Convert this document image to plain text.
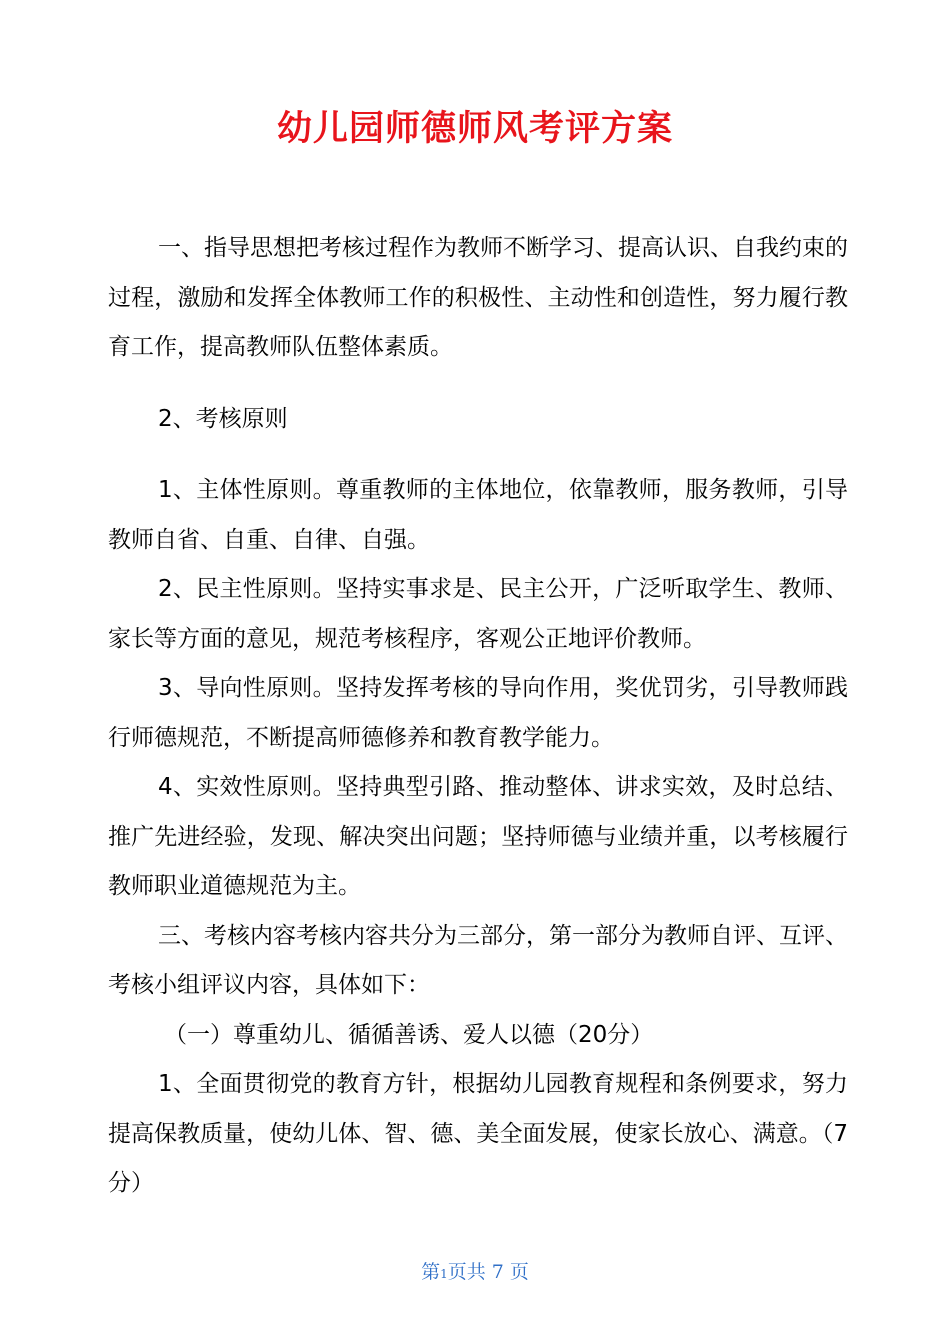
幼儿园师德师风考评方案

一、指导思想把考核过程作为教师不断学习、提高认识、自我约束的过程，激励和发挥全体教师工作的积极性、主动性和创造性，努力履行教育工作，提高教师队伍整体素质。

2、考核原则

1、主体性原则。尊重教师的主体地位，依靠教师，服务教师，引导教师自省、自重、自律、自强。

2、民主性原则。坚持实事求是、民主公开，广泛听取学生、教师、家长等方面的意见，规范考核程序，客观公正地评价教师。

3、导向性原则。坚持发挥考核的导向作用，奖优罚劣，引导教师践行师德规范，不断提高师德修养和教育教学能力。

4、实效性原则。坚持典型引路、推动整体、讲求实效，及时总结、推广先进经验，发现、解决突出问题；坚持师德与业绩并重，以考核履行教师职业道德规范为主。

三、考核内容考核内容共分为三部分，第一部分为教师自评、互评、考核小组评议内容，具体如下：

（一）尊重幼儿、循循善诱、爱人以德（20分）

1、全面贯彻党的教育方针，根据幼儿园教育规程和条例要求，努力提高保教质量，使幼儿体、智、德、美全面发展，使家长放心、满意。（7分）

第1页共 7 页
